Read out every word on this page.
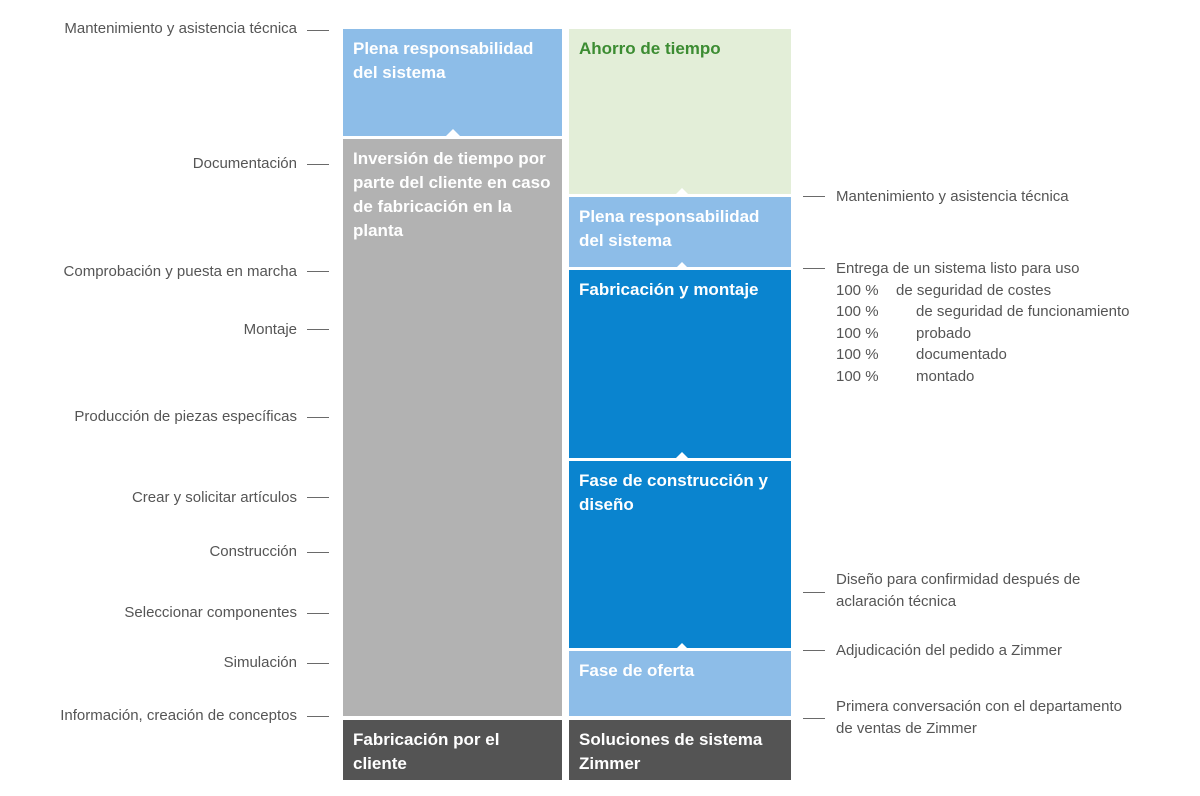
Mantenimiento y asistencia técnica
Documentación
Comprobación y puesta en marcha
Montaje
Producción de piezas específicas
Crear y solicitar artículos
Construcción
Seleccionar componentes
Simulación
Información, creación de conceptos
Plena responsabilidad del sistema
Inversión de tiempo por parte del cliente en caso de fabricación en la planta
Fabricación por el cliente
Ahorro de tiempo
Plena responsabilidad del sistema
Fabricación y montaje
Fase de construcción y diseño
Fase de oferta
Soluciones de sistema Zimmer
Mantenimiento y asistencia técnica
Entrega de un sistema listo para uso
100 % de seguridad de costes
100 % de seguridad de funcionamiento
100 % probado
100 % documentado
100 % montado
Diseño para confirmidad después de
aclaración técnica
Adjudicación del pedido a Zimmer
Primera conversación con el departamento
de ventas de Zimmer
